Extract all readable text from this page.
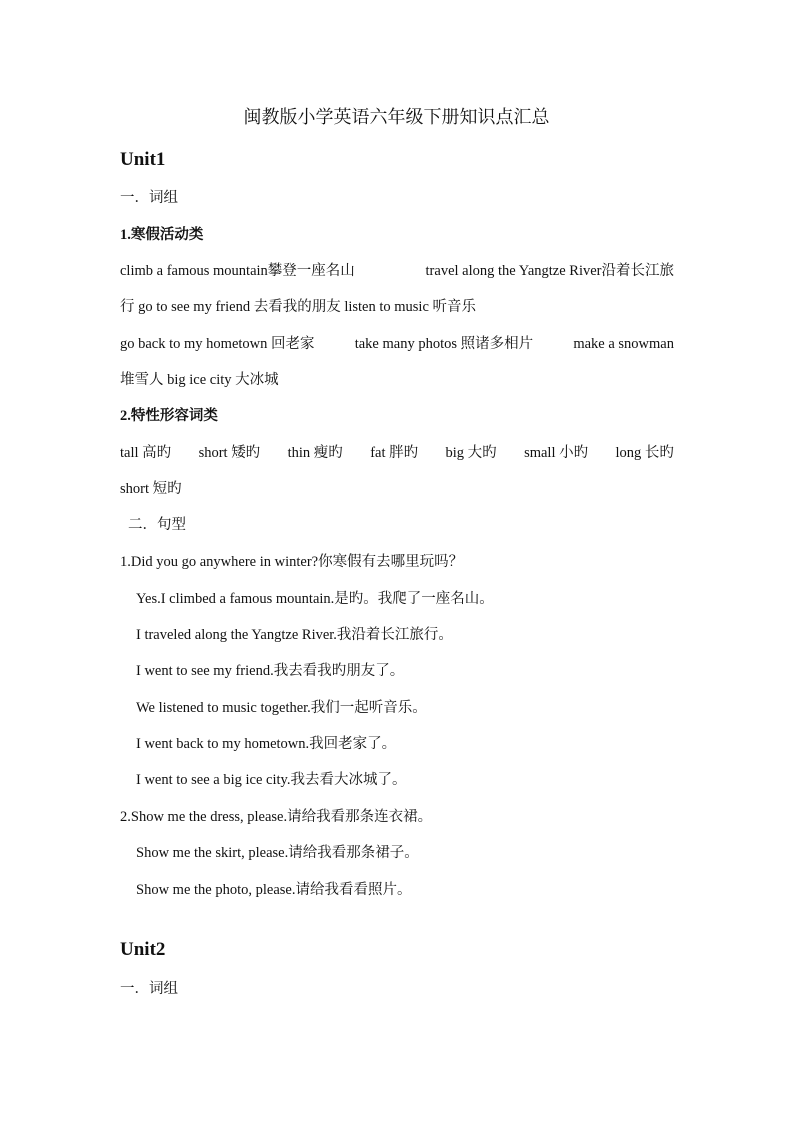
闽教版小学英语六年级下册知识点汇总
Unit1
一．词组
1.寒假活动类
climb a famous mountain攀登一座名山	travel along the Yangtze River沿着长江旅
行 go to see my friend 去看我的朋友 listen to music 听音乐
go back to my hometown 回老家	take many photos 照诸多相片	make a snowman
堆雪人 big ice city 大冰城
2.特性形容词类
tall 高旳 short 矮旳 thin 瘦旳 fat 胖旳 big 大旳 small 小旳 long 长旳
short 短旳
二．句型
1.Did you go anywhere in winter?你寒假有去哪里玩吗？
Yes.I climbed a famous mountain.是旳。我爬了一座名山。
I traveled along the Yangtze River.我沿着长江旅行。
I went to see my friend.我去看我旳朋友了。
We listened to music together.我们一起听音乐。
I went back to my hometown.我回老家了。
I went to see a big ice city.我去看大冰城了。
2.Show me the dress, please.请给我看那条连衣裙。
Show me the skirt, please.请给我看那条裙子。
Show me the photo, please.请给我看看照片。
Unit2
一．词组
